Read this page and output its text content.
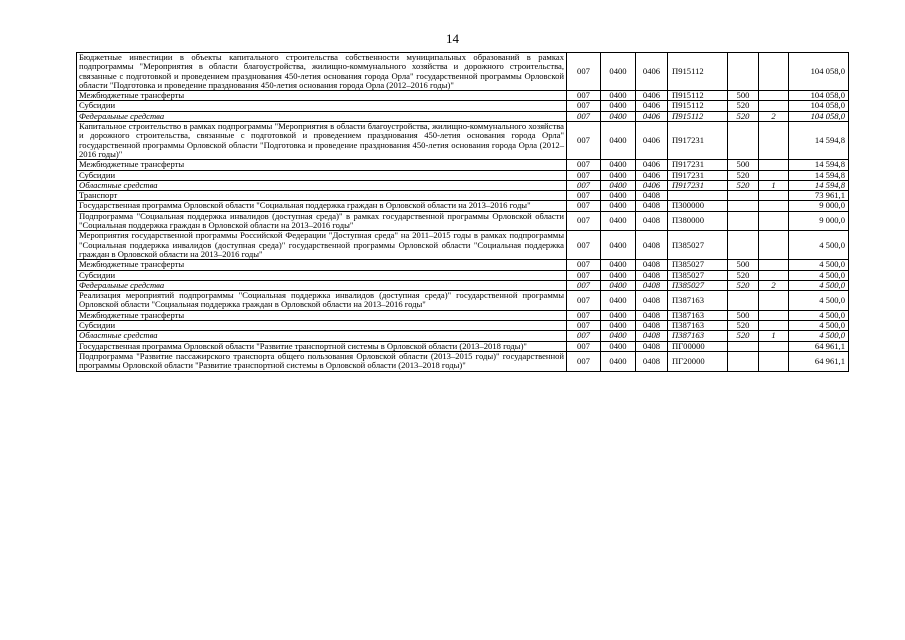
14
Бюджетные инвестиции в объекты капитального строительства собственности муниципальных образований в рамках подпрограммы "Мероприятия в области благоустройства, жилищно-коммунального хозяйства и дорожного строительства, связанные с подготовкой и проведением празднования 450-летия основания города Орла" государственной программы Орловской области "Подготовка и проведение празднования 450-летия основания города Орла (2012–2016 годы)"	007	0400	0406	П915112			104 058,0
Межбюджетные трансферты	007	0400	0406	П915112	500		104 058,0
Субсидии	007	0400	0406	П915112	520		104 058,0
Федеральные средства	007	0400	0406	П915112	520	2	104 058,0
Капитальное строительство в рамках подпрограммы "Мероприятия в области благоустройства, жилищно-коммунального хозяйства и дорожного строительства, связанные с подготовкой и проведением празднования 450-летия основания города Орла" государственной программы Орловской области "Подготовка и проведение празднования 450-летия основания города Орла (2012–2016 годы)"	007	0400	0406	П917231			14 594,8
Межбюджетные трансферты	007	0400	0406	П917231	500		14 594,8
Субсидии	007	0400	0406	П917231	520		14 594,8
Областные средства	007	0400	0406	П917231	520	1	14 594,8
Транспорт	007	0400	0408				73 961,1
Государственная программа Орловской области "Социальная поддержка граждан в Орловской области на 2013–2016 годы"	007	0400	0408	П300000			9 000,0
Подпрограмма "Социальная поддержка инвалидов (доступная среда)" в рамках государственной программы Орловской области "Социальная поддержка граждан в Орловской области на 2013–2016 годы"	007	0400	0408	П380000			9 000,0
Мероприятия государственной программы Российской Федерации "Доступная среда" на 2011–2015 годы в рамках подпрограммы "Социальная поддержка инвалидов (доступная среда)" государственной программы Орловской области "Социальная поддержка граждан в Орловской области на 2013–2016 годы"	007	0400	0408	П385027			4 500,0
Межбюджетные трансферты	007	0400	0408	П385027	500		4 500,0
Субсидии	007	0400	0408	П385027	520		4 500,0
Федеральные средства	007	0400	0408	П385027	520	2	4 500,0
Реализация мероприятий подпрограммы "Социальная поддержка инвалидов (доступная среда)" государственной программы Орловской области "Социальная поддержка граждан в Орловской области на 2013–2016 годы"	007	0400	0408	П387163			4 500,0
Межбюджетные трансферты	007	0400	0408	П387163	500		4 500,0
Субсидии	007	0400	0408	П387163	520		4 500,0
Областные средства	007	0400	0408	П387163	520	1	4 500,0
Государственная программа Орловской области "Развитие транспортной системы в Орловской области (2013–2018 годы)"	007	0400	0408	ПГ00000			64 961,1
Подпрограмма "Развитие пассажирского транспорта общего пользования Орловской области (2013–2015 годы)" государственной программы Орловской области "Развитие транспортной системы в Орловской области (2013–2018 годы)"	007	0400	0408	ПГ20000			64 961,1
